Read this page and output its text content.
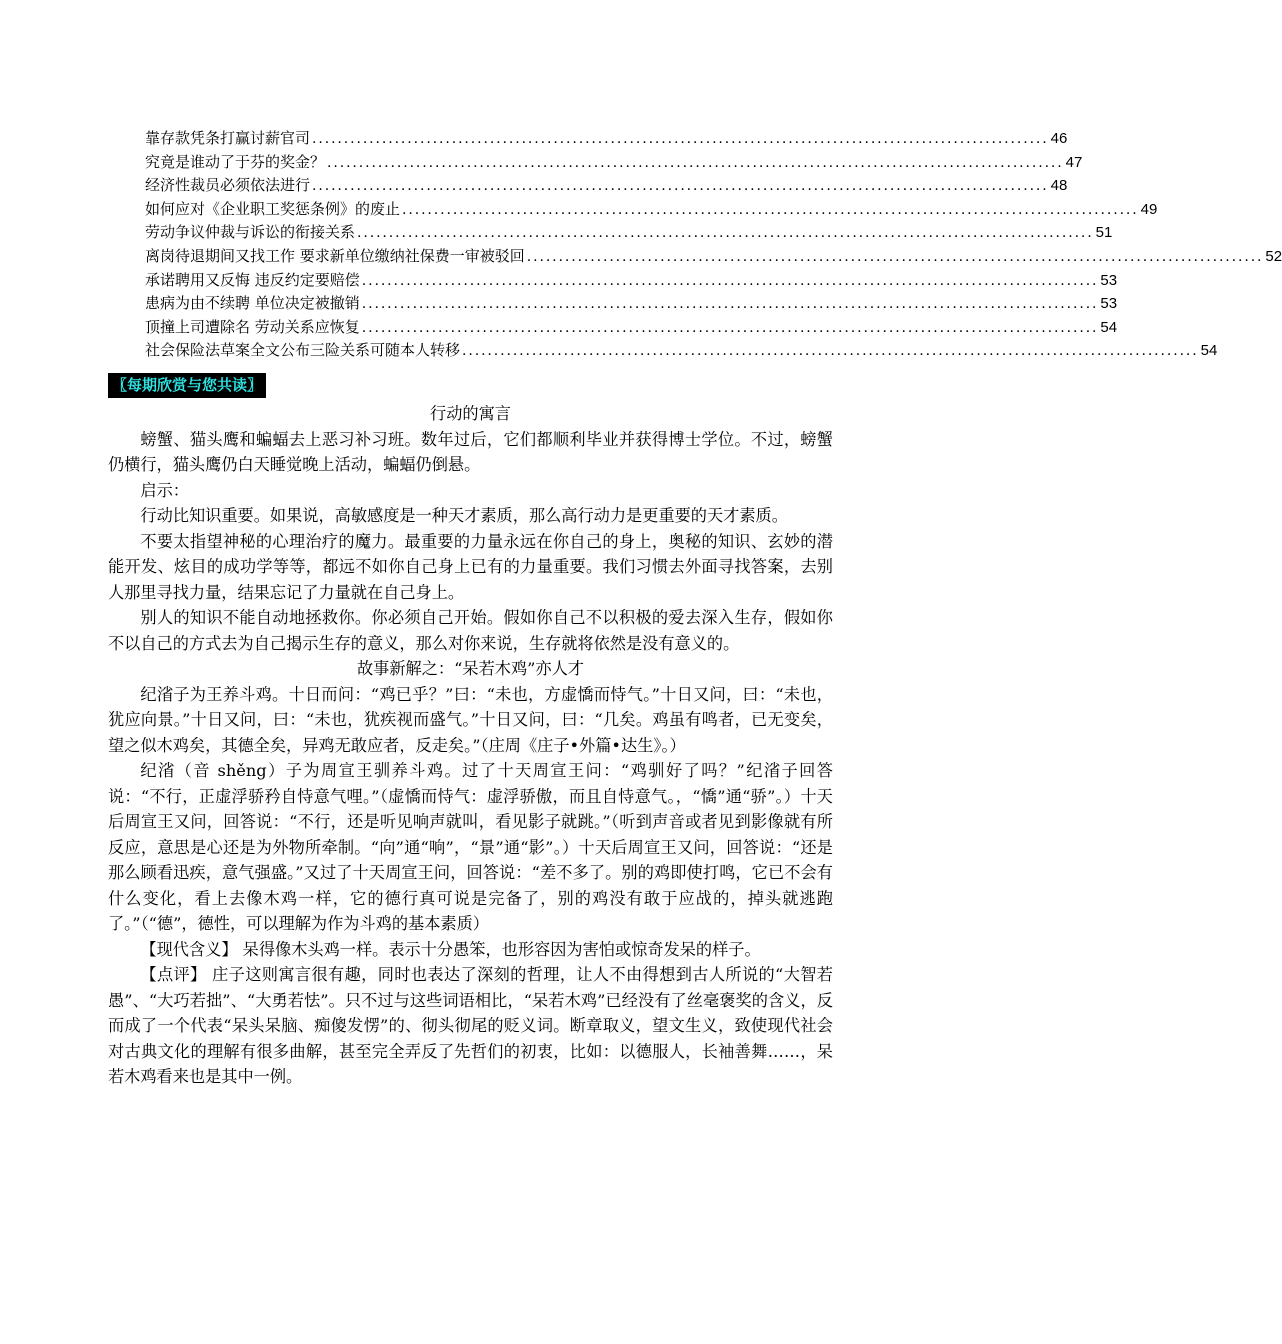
靠存款凭条打赢讨薪官司 .................................................................................................................... 46
究竟是谁动了于芬的奖金？ .................................................................................................................... 47
经济性裁员必须依法进行 .................................................................................................................... 48
如何应对《企业职工奖惩条例》的废止 .................................................................................................................... 49
劳动争议仲裁与诉讼的衔接关系 .................................................................................................................... 51
离岗待退期间又找工作 要求新单位缴纳社保费一审被驳回 .................................................................................................................... 52
承诺聘用又反悔 违反约定要赔偿 .................................................................................................................... 53
患病为由不续聘 单位决定被撤销 .................................................................................................................... 53
顶撞上司遭除名 劳动关系应恢复 .................................................................................................................... 54
社会保险法草案全文公布三险关系可随本人转移 .................................................................................................................... 54
〖每期欣赏与您共读〗

行动的寓言

螃蟹、猫头鹰和蝙蝠去上恶习补习班。数年过后，它们都顺利毕业并获得博士学位。不过，螃蟹仍横行，猫头鹰仍白天睡觉晚上活动，蝙蝠仍倒悬。

启示：

行动比知识重要。如果说，高敏感度是一种天才素质，那么高行动力是更重要的天才素质。

不要太指望神秘的心理治疗的魔力。最重要的力量永远在你自己的身上，奥秘的知识、玄妙的潜能开发、炫目的成功学等等，都远不如你自己身上已有的力量重要。我们习惯去外面寻找答案，去别人那里寻找力量，结果忘记了力量就在自己身上。

别人的知识不能自动地拯救你。你必须自己开始。假如你自己不以积极的爱去深入生存，假如你不以自己的方式去为自己揭示生存的意义，那么对你来说，生存就将依然是没有意义的。

故事新解之：“呆若木鸡”亦人才

纪渻子为王养斗鸡。十日而问：“鸡已乎？”曰：“未也，方虚憍而恃气。”十日又问，曰：“未也，犹应向景。”十日又问，曰：“未也，犹疾视而盛气。”十日又问，曰：“几矣。鸡虽有鸣者，已无变矣，望之似木鸡矣，其德全矣，异鸡无敢应者，反走矣。”（庄周《庄子•外篇•达生》。）

纪渻（音 shěng）子为周宣王驯养斗鸡。过了十天周宣王问：“鸡驯好了吗？”纪渻子回答说：“不行，正虚浮骄矜自恃意气哩。”（虚憍而恃气：虚浮骄傲，而且自恃意气。，“憍”通“骄”。）十天后周宣王又问，回答说：“不行，还是听见响声就叫，看见影子就跳。”（听到声音或者见到影像就有所反应，意思是心还是为外物所牵制。“向”通“响”，“景”通“影”。）十天后周宣王又问，回答说：“还是那么顾看迅疾，意气强盛。”又过了十天周宣王问，回答说：“差不多了。别的鸡即使打鸣，它已不会有什么变化，看上去像木鸡一样，它的德行真可说是完备了，别的鸡没有敢于应战的，掉头就逃跑了。”（“德”，德性，可以理解为作为斗鸡的基本素质）

【现代含义】 呆得像木头鸡一样。表示十分愚笨，也形容因为害怕或惊奇发呆的样子。

【点评】 庄子这则寓言很有趣，同时也表达了深刻的哲理，让人不由得想到古人所说的“大智若愚”、“大巧若拙”、“大勇若怯”。只不过与这些词语相比，“呆若木鸡”已经没有了丝毫褒奖的含义，反而成了一个代表“呆头呆脑、痴傻发愣”的、彻头彻尾的贬义词。断章取义，望文生义，致使现代社会对古典文化的理解有很多曲解，甚至完全弄反了先哲们的初衷，比如：以德服人，长袖善舞……，呆若木鸡看来也是其中一例。
